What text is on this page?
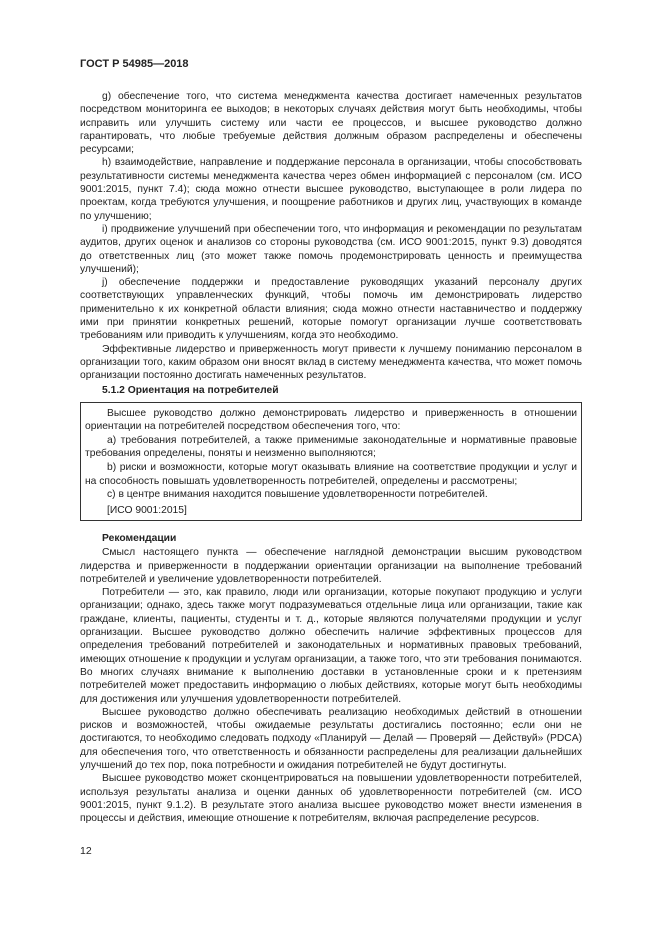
ГОСТ Р 54985—2018

g) обеспечение того, что система менеджмента качества достигает намеченных результатов посредством мониторинга ее выходов; в некоторых случаях действия могут быть необходимы, чтобы исправить или улучшить систему или части ее процессов, и высшее руководство должно гарантировать, что любые требуемые действия должным образом распределены и обеспечены ресурсами;

h) взаимодействие, направление и поддержание персонала в организации, чтобы способствовать результативности системы менеджмента качества через обмен информацией с персоналом (см. ИСО 9001:2015, пункт 7.4); сюда можно отнести высшее руководство, выступающее в роли лидера по проектам, когда требуются улучшения, и поощрение работников и других лиц, участвующих в команде по улучшению;

i) продвижение улучшений при обеспечении того, что информация и рекомендации по результатам аудитов, других оценок и анализов со стороны руководства (см. ИСО 9001:2015, пункт 9.3) доводятся до ответственных лиц (это может также помочь продемонстрировать ценность и преимущества улучшений);

j) обеспечение поддержки и предоставление руководящих указаний персоналу других соответствующих управленческих функций, чтобы помочь им демонстрировать лидерство применительно к их конкретной области влияния; сюда можно отнести наставничество и поддержку ими при принятии конкретных решений, которые помогут организации лучше соответствовать требованиям или приводить к улучшениям, когда это необходимо.

Эффективные лидерство и приверженность могут привести к лучшему пониманию персоналом в организации того, каким образом они вносят вклад в систему менеджмента качества, что может помочь организации постоянно достигать намеченных результатов.

5.1.2 Ориентация на потребителей

Высшее руководство должно демонстрировать лидерство и приверженность в отношении ориентации на потребителей посредством обеспечения того, что:

a) требования потребителей, а также применимые законодательные и нормативные правовые требования определены, поняты и неизменно выполняются;

b) риски и возможности, которые могут оказывать влияние на соответствие продукции и услуг и на способность повышать удовлетворенность потребителей, определены и рассмотрены;

c) в центре внимания находится повышение удовлетворенности потребителей.

[ИСО 9001:2015]

Рекомендации

Смысл настоящего пункта — обеспечение наглядной демонстрации высшим руководством лидерства и приверженности в поддержании ориентации организации на выполнение требований потребителей и увеличение удовлетворенности потребителей.

Потребители — это, как правило, люди или организации, которые покупают продукцию и услуги организации; однако, здесь также могут подразумеваться отдельные лица или организации, такие как граждане, клиенты, пациенты, студенты и т. д., которые являются получателями продукции и услуг организации. Высшее руководство должно обеспечить наличие эффективных процессов для определения требований потребителей и законодательных и нормативных правовых требований, имеющих отношение к продукции и услугам организации, а также того, что эти требования понимаются. Во многих случаях внимание к выполнению доставки в установленные сроки и к претензиям потребителей может предоставить информацию о любых действиях, которые могут быть необходимы для достижения или улучшения удовлетворенности потребителей.

Высшее руководство должно обеспечивать реализацию необходимых действий в отношении рисков и возможностей, чтобы ожидаемые результаты достигались постоянно; если они не достигаются, то необходимо следовать подходу «Планируй — Делай — Проверяй — Действуй» (PDCA) для обеспечения того, что ответственность и обязанности распределены для реализации дальнейших улучшений до тех пор, пока потребности и ожидания потребителей не будут достигнуты.

Высшее руководство может сконцентрироваться на повышении удовлетворенности потребителей, используя результаты анализа и оценки данных об удовлетворенности потребителей (см. ИСО 9001:2015, пункт 9.1.2). В результате этого анализа высшее руководство может внести изменения в процессы и действия, имеющие отношение к потребителям, включая распределение ресурсов.

12
